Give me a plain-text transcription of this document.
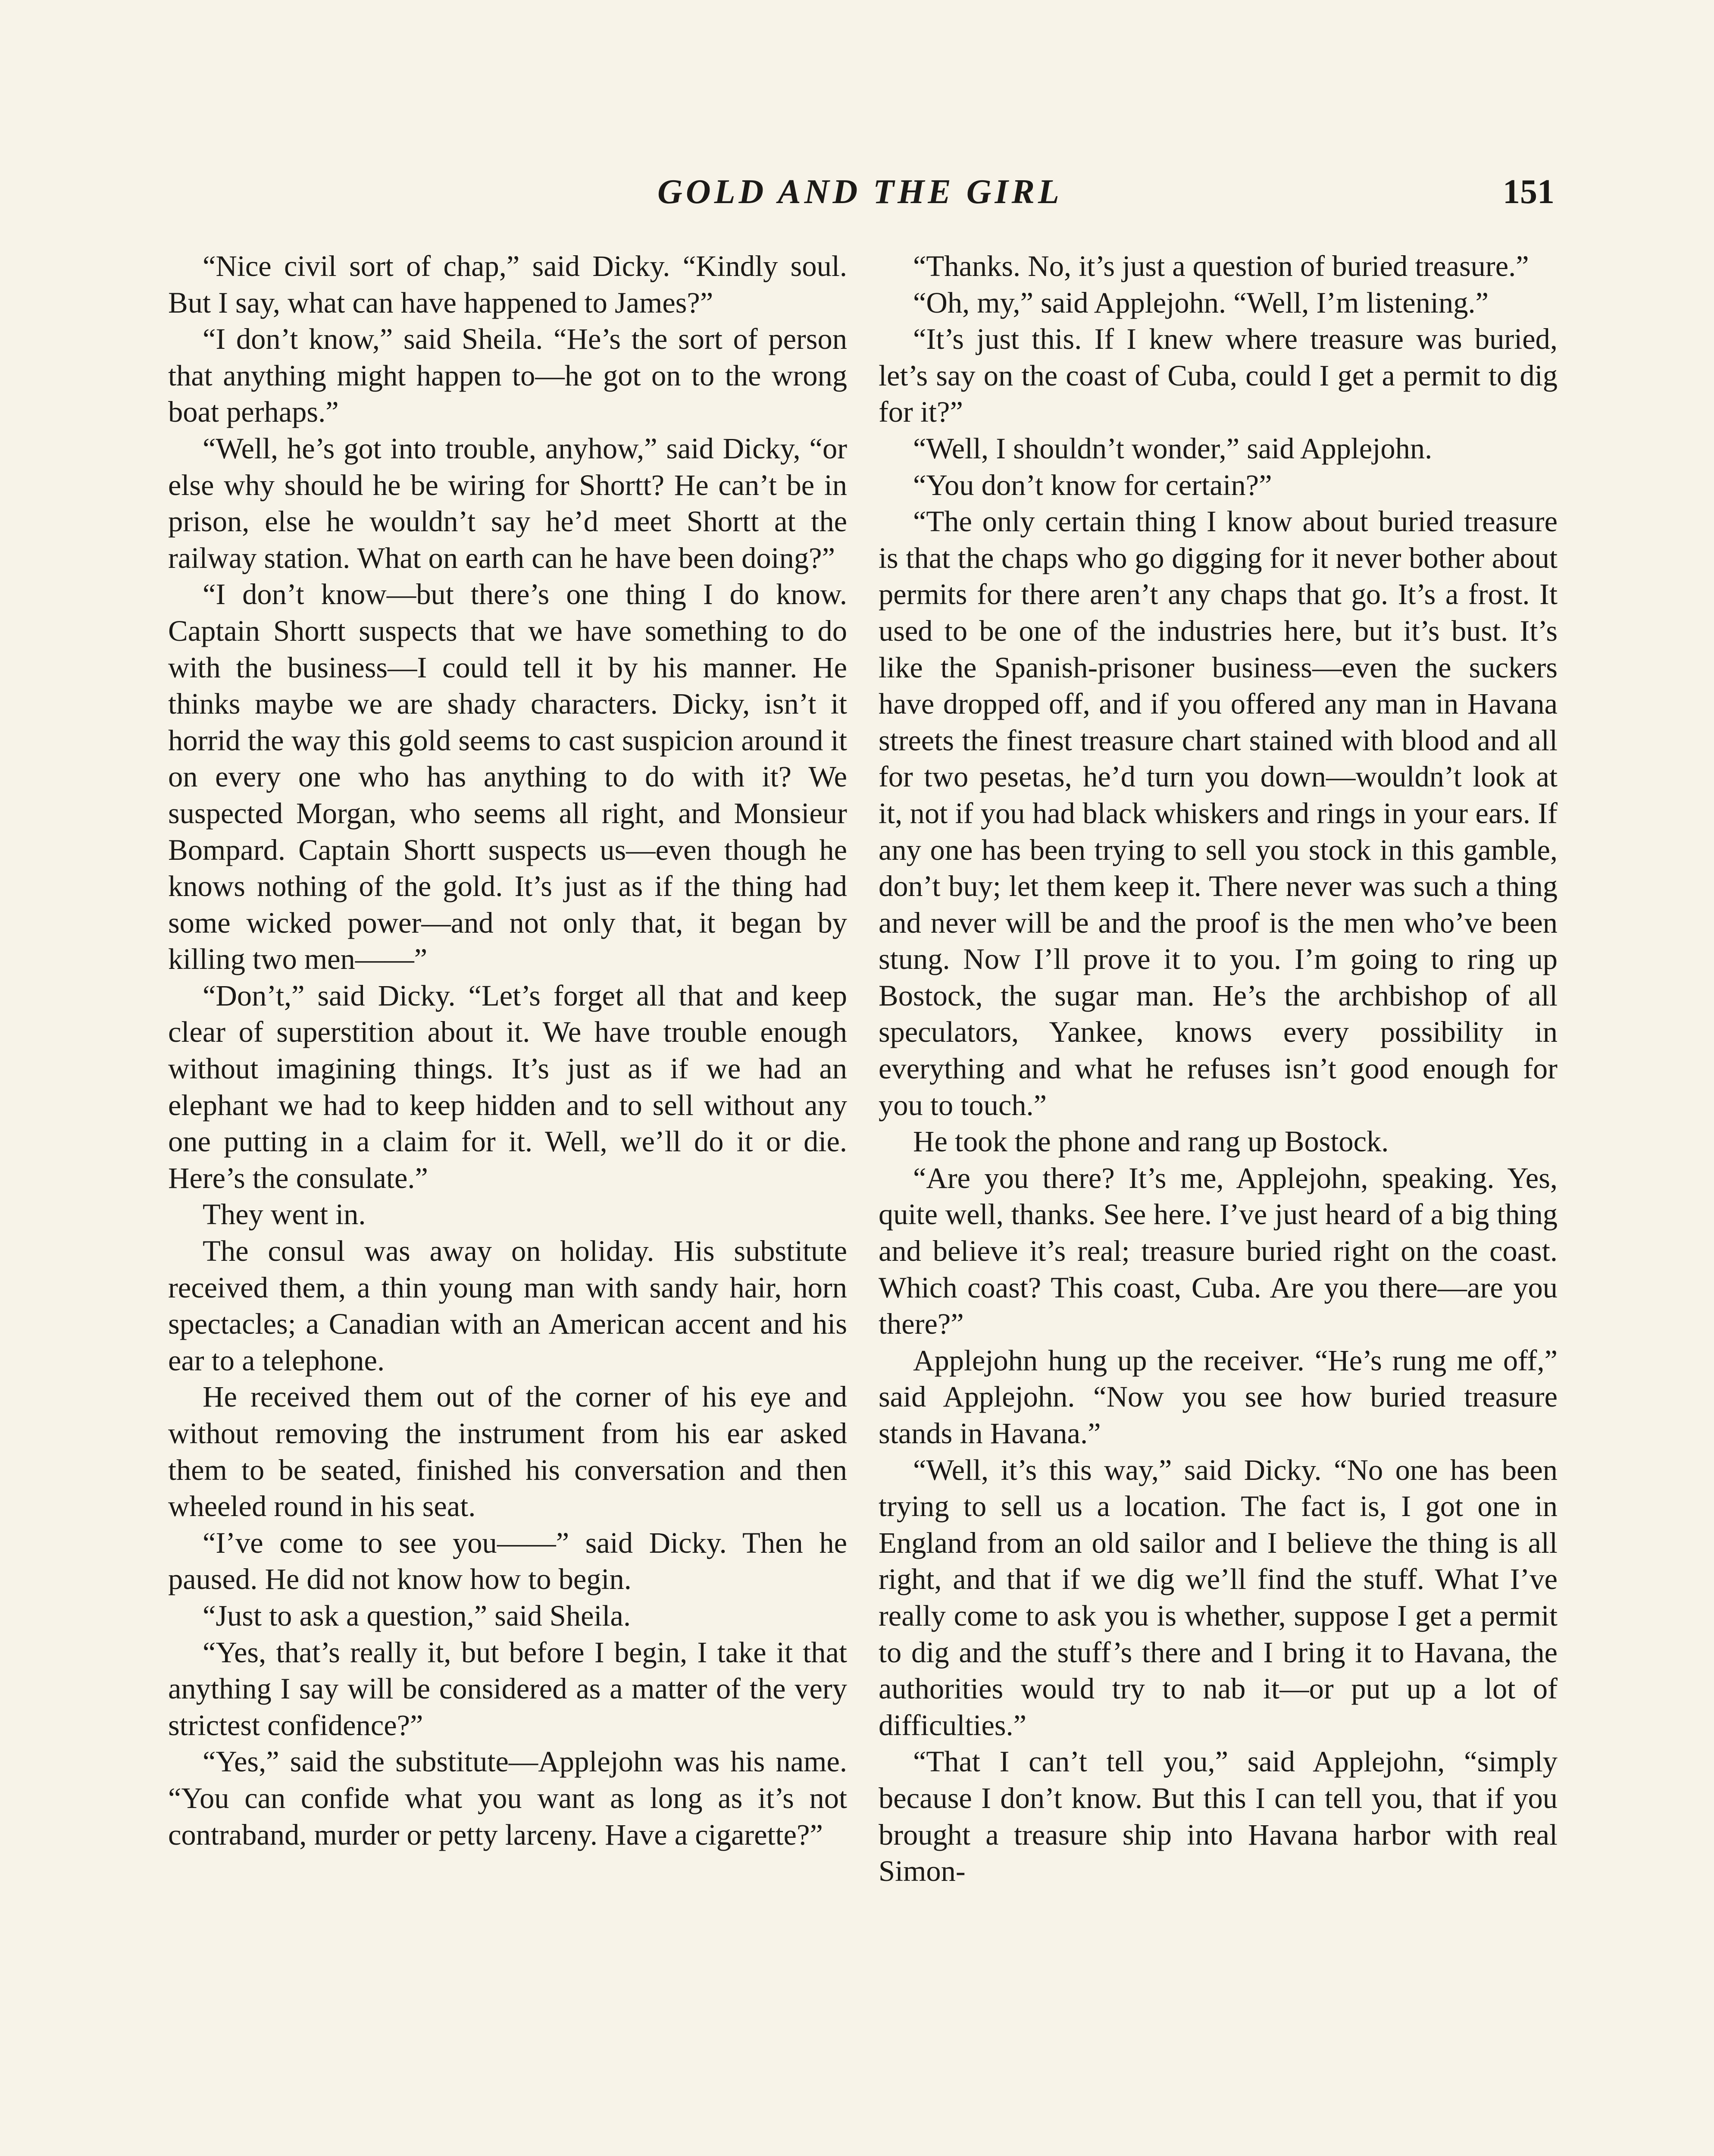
GOLD AND THE GIRL	151

“Nice civil sort of chap,” said Dicky. “Kindly soul. But I say, what can have happened to James?”

“I don’t know,” said Sheila. “He’s the sort of person that anything might happen to—he got on to the wrong boat perhaps.”

“Well, he’s got into trouble, anyhow,” said Dicky, “or else why should he be wiring for Shortt? He can’t be in prison, else he wouldn’t say he’d meet Shortt at the railway station. What on earth can he have been doing?”

“I don’t know—but there’s one thing I do know. Captain Shortt suspects that we have something to do with the business—I could tell it by his manner. He thinks maybe we are shady characters. Dicky, isn’t it horrid the way this gold seems to cast suspicion around it on every one who has anything to do with it? We suspected Morgan, who seems all right, and Monsieur Bompard. Captain Shortt suspects us—even though he knows nothing of the gold. It’s just as if the thing had some wicked power—and not only that, it began by killing two men——”

“Don’t,” said Dicky. “Let’s forget all that and keep clear of superstition about it. We have trouble enough without imagining things. It’s just as if we had an elephant we had to keep hidden and to sell without any one putting in a claim for it. Well, we’ll do it or die. Here’s the consulate.”

They went in.

The consul was away on holiday. His substitute received them, a thin young man with sandy hair, horn spectacles; a Canadian with an American accent and his ear to a telephone.

He received them out of the corner of his eye and without removing the instrument from his ear asked them to be seated, finished his conversation and then wheeled round in his seat.

“I’ve come to see you——” said Dicky. Then he paused. He did not know how to begin.

“Just to ask a question,” said Sheila.

“Yes, that’s really it, but before I begin, I take it that anything I say will be considered as a matter of the very strictest confidence?”

“Yes,” said the substitute—Applejohn was his name. “You can confide what you want as long as it’s not contraband, murder or petty larceny. Have a cigarette?”

“Thanks. No, it’s just a question of buried treasure.”

“Oh, my,” said Applejohn. “Well, I’m listening.”

“It’s just this. If I knew where treasure was buried, let’s say on the coast of Cuba, could I get a permit to dig for it?”

“Well, I shouldn’t wonder,” said Applejohn.

“You don’t know for certain?”

“The only certain thing I know about buried treasure is that the chaps who go digging for it never bother about permits for there aren’t any chaps that go. It’s a frost. It used to be one of the industries here, but it’s bust. It’s like the Spanish-prisoner business—even the suckers have dropped off, and if you offered any man in Havana streets the finest treasure chart stained with blood and all for two pesetas, he’d turn you down—wouldn’t look at it, not if you had black whiskers and rings in your ears. If any one has been trying to sell you stock in this gamble, don’t buy; let them keep it. There never was such a thing and never will be and the proof is the men who’ve been stung. Now I’ll prove it to you. I’m going to ring up Bostock, the sugar man. He’s the archbishop of all speculators, Yankee, knows every possibility in everything and what he refuses isn’t good enough for you to touch.”

He took the phone and rang up Bostock.

“Are you there? It’s me, Applejohn, speaking. Yes, quite well, thanks. See here. I’ve just heard of a big thing and believe it’s real; treasure buried right on the coast. Which coast? This coast, Cuba. Are you there—are you there?”

Applejohn hung up the receiver. “He’s rung me off,” said Applejohn. “Now you see how buried treasure stands in Havana.”

“Well, it’s this way,” said Dicky. “No one has been trying to sell us a location. The fact is, I got one in England from an old sailor and I believe the thing is all right, and that if we dig we’ll find the stuff. What I’ve really come to ask you is whether, suppose I get a permit to dig and the stuff’s there and I bring it to Havana, the authorities would try to nab it—or put up a lot of difficulties.”

“That I can’t tell you,” said Applejohn, “simply because I don’t know. But this I can tell you, that if you brought a treasure ship into Havana harbor with real Simon-
